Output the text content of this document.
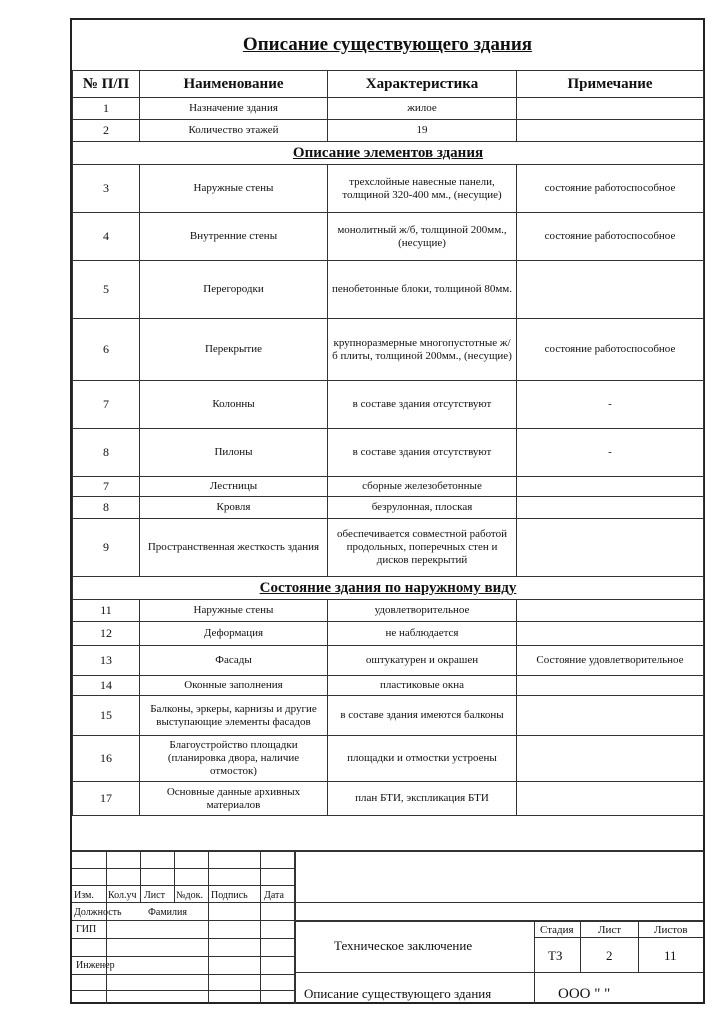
Описание существующего здания
№ П/П	Наименование	Характеристика	Примечание
1	Назначение здания	жилое	
2	Количество этажей	19	
Описание элементов здания			
3	Наружные стены	трехслойные навесные панели, толщиной 320-400 мм., (несущие)	состояние работоспособное
4	Внутренние стены	монолитный ж/б, толщиной 200мм., (несущие)	состояние работоспособное
5	Перегородки	пенобетонные блоки, толщиной 80мм.	
6	Перекрытие	крупноразмерные многопустотные ж/б плиты, толщиной 200мм., (несущие)	состояние работоспособное
7	Колонны	в составе здания отсутствуют	-
8	Пилоны	в составе здания отсутствуют	-
7	Лестницы	сборные железобетонные	
8	Кровля	безрулонная, плоская	
9	Пространственная жесткость здания	обеспечивается совместной работой продольных, поперечных стен и дисков перекрытий	
Состояние здания по наружному виду			
11	Наружные стены	удовлетворительное	
12	Деформация	не наблюдается	
13	Фасады	оштукатурен и окрашен	Состояние удовлетворительное
14	Оконные заполнения	пластиковые окна	
15	Балконы, эркеры, карнизы и другие выступающие элементы фасадов	в составе здания имеются балконы	
16	Благоустройство площадки (планировка двора, наличие отмосток)	площадки и отмостки устроены	
17	Основные данные архивных материалов	план БТИ, экспликация БТИ	
Изм. Кол.уч Лист №док. Подпись Дата
Должность	Фамилия
ГИП
Инженер
Техническое заключение
Описание существующего здания
Стадия Лист	Листов
ТЗ	2	11
ООО " "
